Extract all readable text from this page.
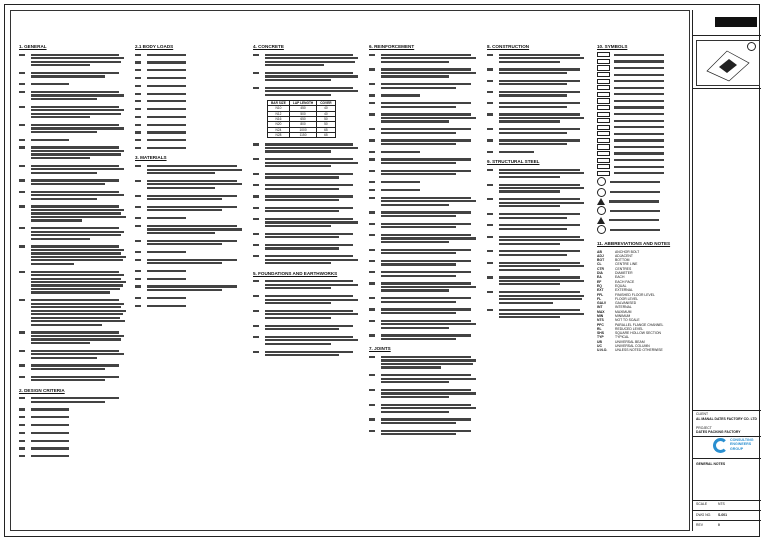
1. GENERAL
2. DESIGN CRITERIA
2.1 BODY LOADS
3. MATERIALS
4. CONCRETE
BAR SIZE	LAP LENGTH	COVER
N10	450	40
N12	500	40
N16	650	50
N20	800	50
N24	1000	65
N28	1150	65
5. FOUNDATIONS AND EARTHWORKS
6. REINFORCEMENT
7. JOINTS
8. CONSTRUCTION
9. STRUCTURAL STEEL
10. SYMBOLS
11. ABBREVIATIONS AND NOTES
AB	ANCHOR BOLT
ADJ	ADJACENT
BOT	BOTTOM
CL	CENTRE LINE
CTR	CENTRES
DIA	DIAMETER
EA	EACH
EF	EACH FACE
EQ	EQUAL
EXT	EXTERNAL
FFL	FINISHED FLOOR LEVEL
FL	FLOOR LEVEL
GALV	GALVANISED
INT	INTERNAL
MAX	MAXIMUM
MIN	MINIMUM
NTS	NOT TO SCALE
PFC	PARALLEL FLANGE CHANNEL
RL	REDUCED LEVEL
SHS	SQUARE HOLLOW SECTION
TYP	TYPICAL
UB	UNIVERSAL BEAM
UC	UNIVERSAL COLUMN
U.N.O.	UNLESS NOTED OTHERWISE
CLIENT
AL MANAL DATES FACTORY CO. LTD
PROJECT
DATES PACKING FACTORY
CONSULTING ENGINEERS GROUP
GENERAL NOTES
SCALE	NTS
DWG NO. S-001
REV	0
